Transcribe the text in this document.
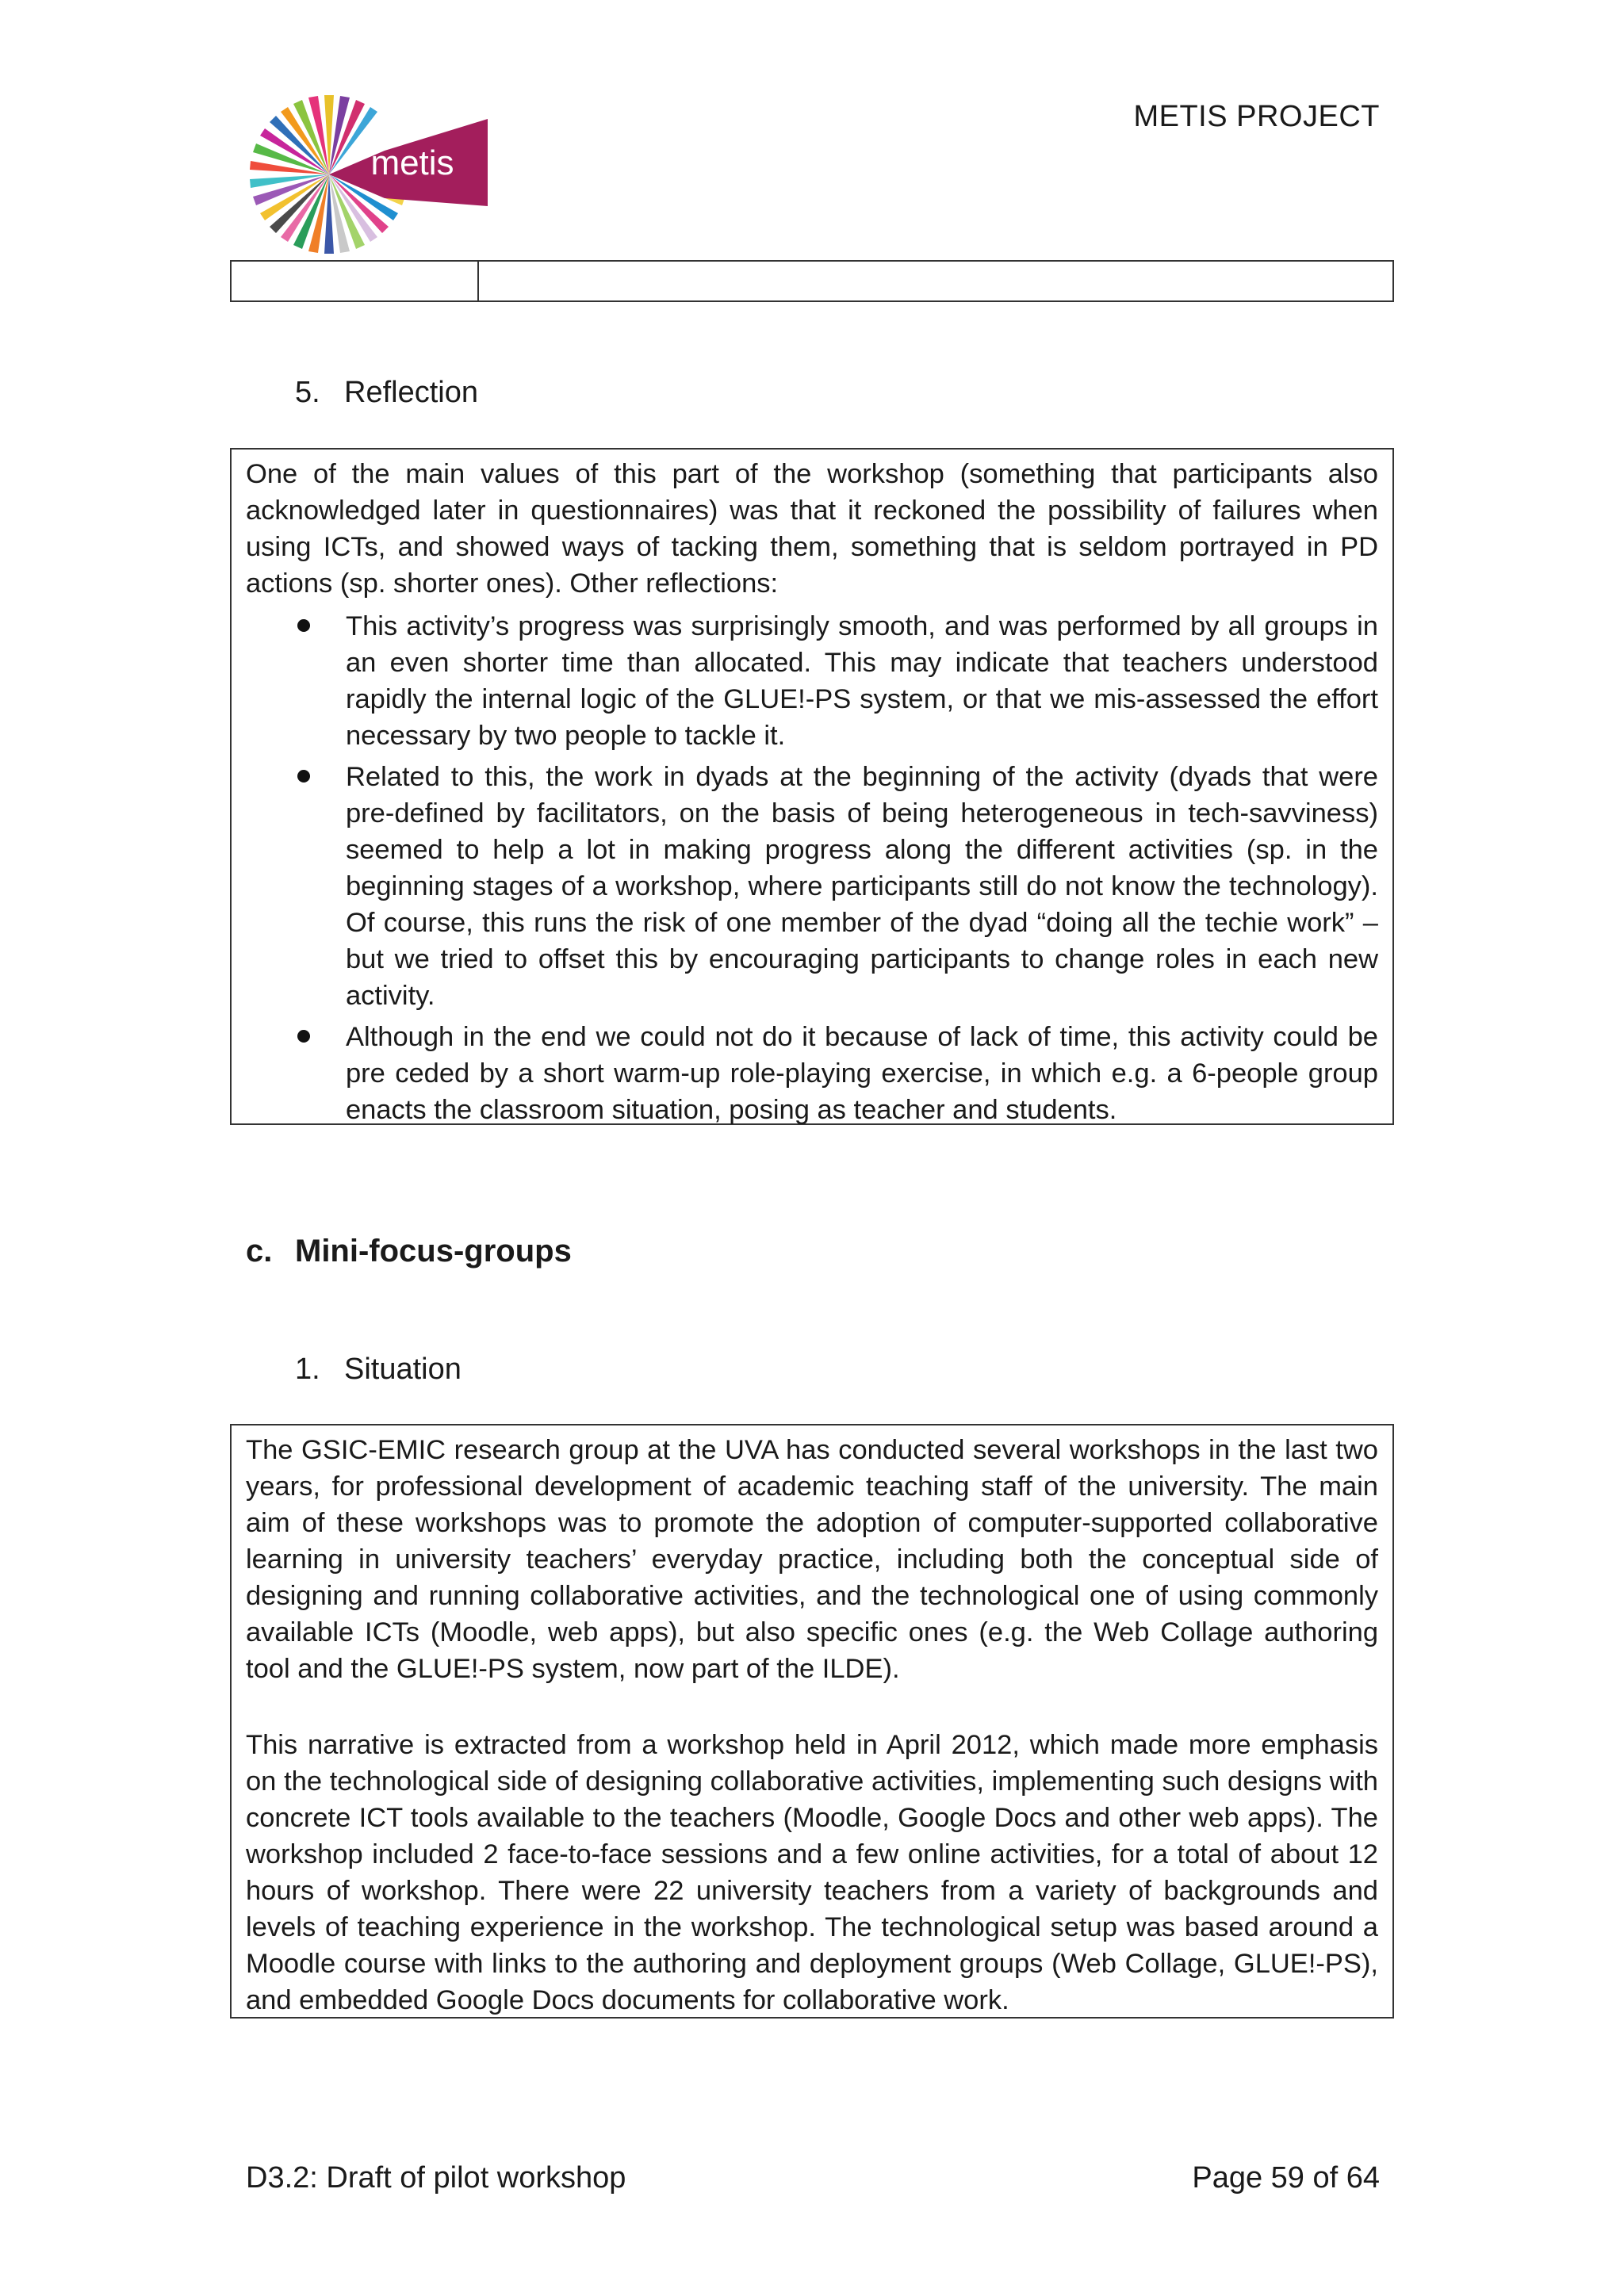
metis
METIS PROJECT
5. Reflection

One of the main values of this part of the workshop (something that participants also acknowledged later in questionnaires) was that it reckoned the possibility of failures when using ICTs, and showed ways of tacking them, something that is seldom portrayed in PD actions (sp. shorter ones). Other reflections:

This activity’s progress was surprisingly smooth, and was performed by all groups in an even shorter time than allocated. This may indicate that teachers understood rapidly the internal logic of the GLUE!-PS system, or that we mis-assessed the effort necessary by two people to tackle it.
Related to this, the work in dyads at the beginning of the activity (dyads that were pre-defined by facilitators, on the basis of being heterogeneous in tech-savviness) seemed to help a lot in making progress along the different activities (sp. in the beginning stages of a workshop, where participants still do not know the technology). Of course, this runs the risk of one member of the dyad “doing all the techie work” – but we tried to offset this by encouraging participants to change roles in each new activity.
Although in the end we could not do it because of lack of time, this activity could be pre ceded by a short warm-up role-playing exercise, in which e.g. a 6-people group enacts the classroom situation, posing as teacher and students.
c. Mini-focus-groups
1. Situation

The GSIC-EMIC research group at the UVA has conducted several workshops in the last two years, for professional development of academic teaching staff of the university. The main aim of these workshops was to promote the adoption of computer-supported collaborative learning in university teachers’ everyday practice, including both the conceptual side of designing and running collaborative activities, and the technological one of using commonly available ICTs (Moodle, web apps), but also specific ones (e.g. the Web Collage authoring tool and the GLUE!-PS system, now part of the ILDE).

This narrative is extracted from a workshop held in April 2012, which made more emphasis on the technological side of designing collaborative activities, implementing such designs with concrete ICT tools available to the teachers (Moodle, Google Docs and other web apps). The workshop included 2 face-to-face sessions and a few online activities, for a total of about 12 hours of workshop. There were 22 university teachers from a variety of backgrounds and levels of teaching experience in the workshop. The technological setup was based around a Moodle course with links to the authoring and deployment groups (Web Collage, GLUE!-PS), and embedded Google Docs documents for collaborative work.

D3.2: Draft of pilot workshop	Page 59 of 64
